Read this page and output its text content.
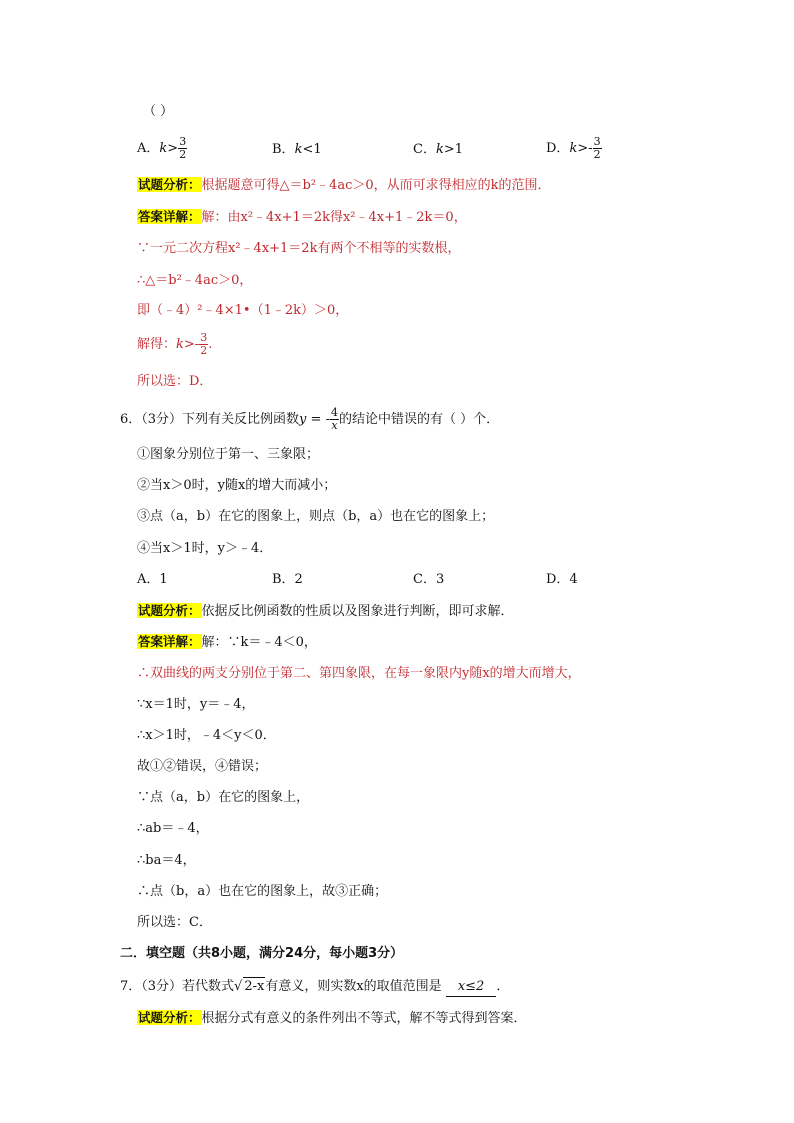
（ ）
A．$k> \frac{3}{2}$	B．k<1	C．k>1	D．$k>- \frac{3}{2}$
试题分析：根据题意可得△＝b²﹣4ac＞0，从而可求得相应的k的范围．
答案详解：解：由x²﹣4x+1＝2k得x²﹣4x+1﹣2k＝0，
∵一元二次方程x²﹣4x+1＝2k有两个不相等的实数根，
∴△＝b²﹣4ac＞0，
即（﹣4）²﹣4×1•（1﹣2k）＞0，
解得：$k>- \frac{3}{2}$ .
所以选：D．
6．（3分）下列有关反比例函数y = - $\frac{4}{x}$ 的结论中错误的有（ ）个．
①图象分别位于第一、三象限；
②当x＞0时，y随x的增大而减小；
③点（a，b）在它的图象上，则点（b，a）也在它的图象上；
④当x＞1时，y＞﹣4．
A．1	B．2	C．3	D．4
试题分析：依据反比例函数的性质以及图象进行判断，即可求解．
答案详解：解：∵k＝﹣4＜0，
∴双曲线的两支分别位于第二、第四象限，在每一象限内y随x的增大而增大，
∵x＝1时，y＝﹣4，
∴x＞1时，﹣4＜y＜0．
故①②错误，④错误；
∵点（a，b）在它的图象上，
∴ab＝﹣4，
∴ba＝4，
∴点（b，a）也在它的图象上，故③正确；
所以选：C．
二．填空题（共8小题，满分24分，每小题3分）
7．（3分）若代数式√ 2-x有意义，则实数x的取值范围是 x≤2 ．
试题分析：根据分式有意义的条件列出不等式，解不等式得到答案．
